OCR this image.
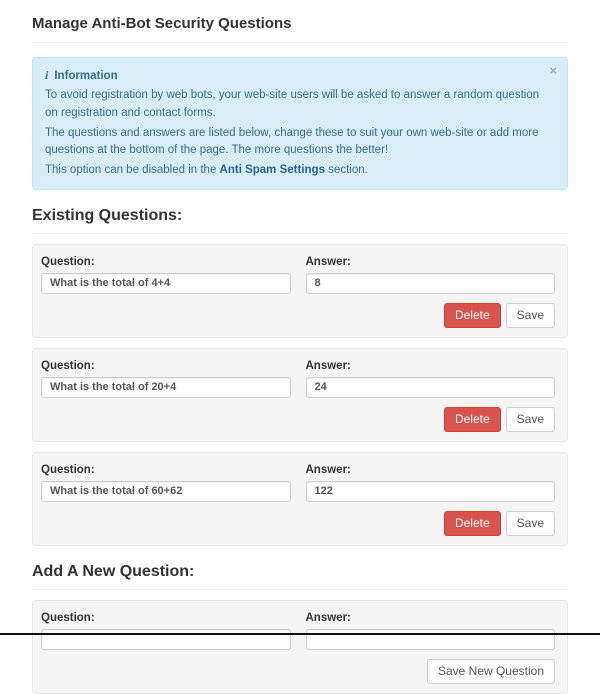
Manage Anti-Bot Security Questions
×
i Information

To avoid registration by web bots, your web-site users will be asked to answer a random question on registration and contact forms.

The questions and answers are listed below, change these to suit your own web-site or add more questions at the bottom of the page. The more questions the better!

This option can be disabled in the Anti Spam Settings section.

Existing Questions:
Question:
What is the total of 4+4	Answer:
8
Delete	Save
Question:
What is the total of 20+4	Answer:
24
Delete	Save
Question:
What is the total of 60+62	Answer:
122
Delete	Save
Add A New Question:
Question:	Answer:
Save New Question
